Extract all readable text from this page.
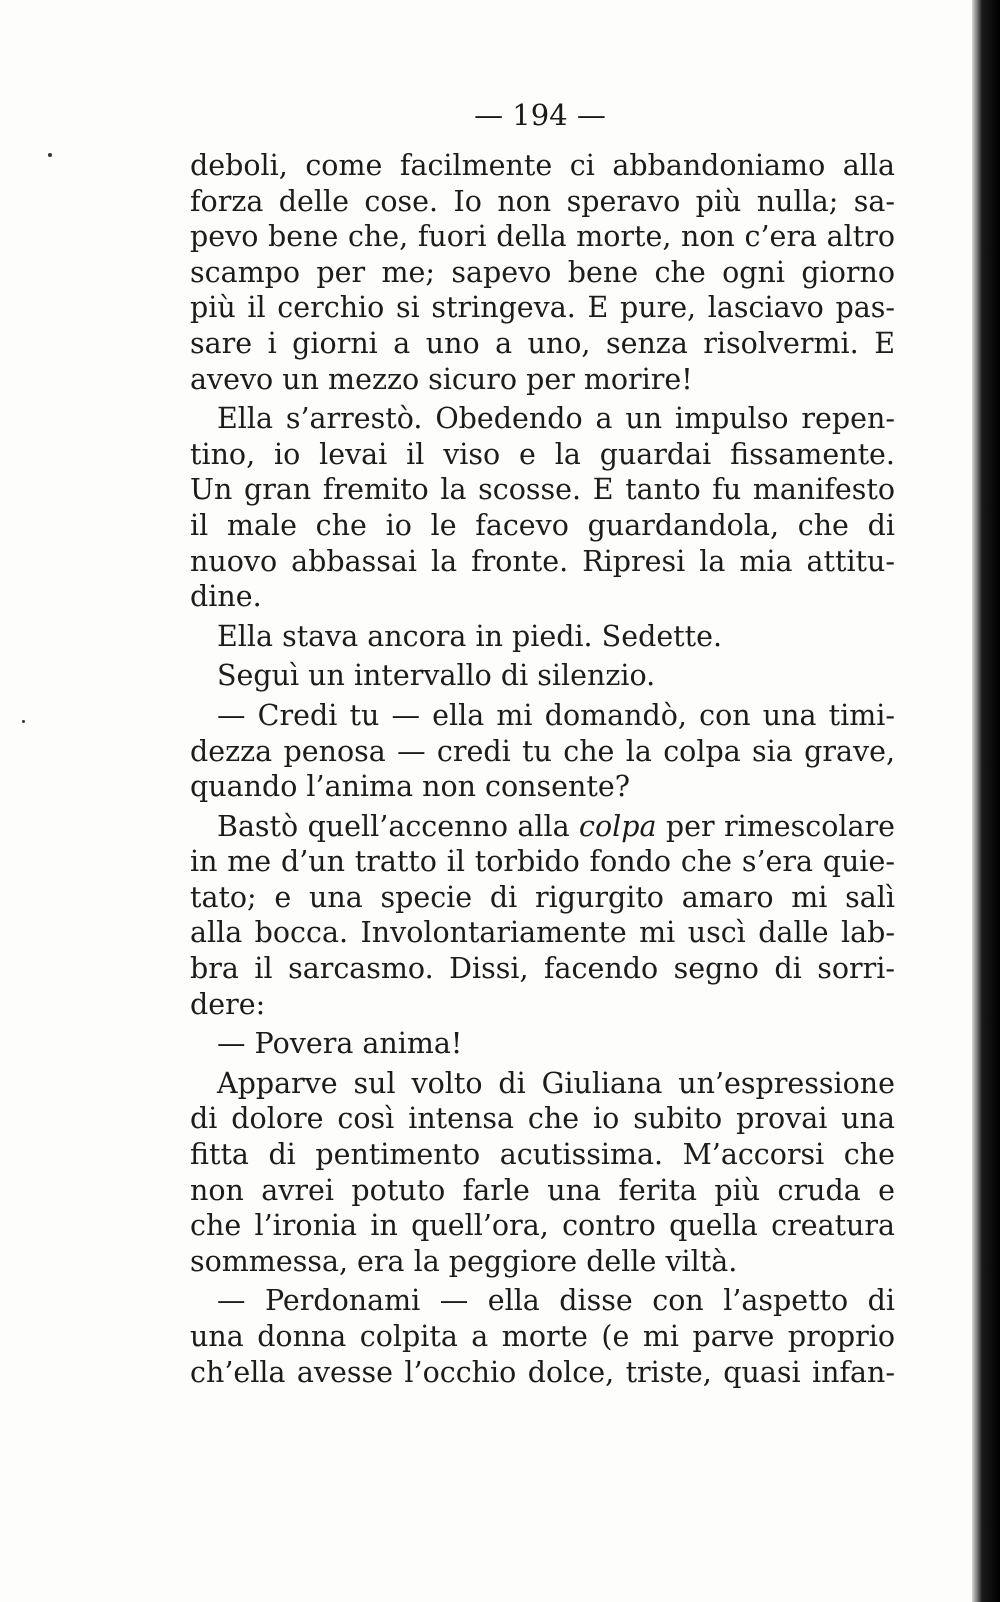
— 194 —

deboli, come facilmente ci abbandoniamo alla
forza delle cose. Io non speravo più nulla; sa-
pevo bene che, fuori della morte, non c’era altro
scampo per me; sapevo bene che ogni giorno
più il cerchio si stringeva. E pure, lasciavo pas-
sare i giorni a uno a uno, senza risolvermi. E
avevo un mezzo sicuro per morire!
Ella s’arrestò. Obedendo a un impulso repen-
tino, io levai il viso e la guardai fissamente.
Un gran fremito la scosse. E tanto fu manifesto
il male che io le facevo guardandola, che di
nuovo abbassai la fronte. Ripresi la mia attitu-
dine.
Ella stava ancora in piedi. Sedette.
Seguì un intervallo di silenzio.
— Credi tu — ella mi domandò, con una timi-
dezza penosa — credi tu che la colpa sia grave,
quando l’anima non consente?
Bastò quell’accenno alla colpa per rimescolare
in me d’un tratto il torbido fondo che s’era quie-
tato; e una specie di rigurgito amaro mi salì
alla bocca. Involontariamente mi uscì dalle lab-
bra il sarcasmo. Dissi, facendo segno di sorri-
dere:
— Povera anima!
Apparve sul volto di Giuliana un’espressione
di dolore così intensa che io subito provai una
fitta di pentimento acutissima. M’accorsi che
non avrei potuto farle una ferita più cruda e
che l’ironia in quell’ora, contro quella creatura
sommessa, era la peggiore delle viltà.
— Perdonami — ella disse con l’aspetto di
una donna colpita a morte (e mi parve proprio
ch’ella avesse l’occhio dolce, triste, quasi infan-
